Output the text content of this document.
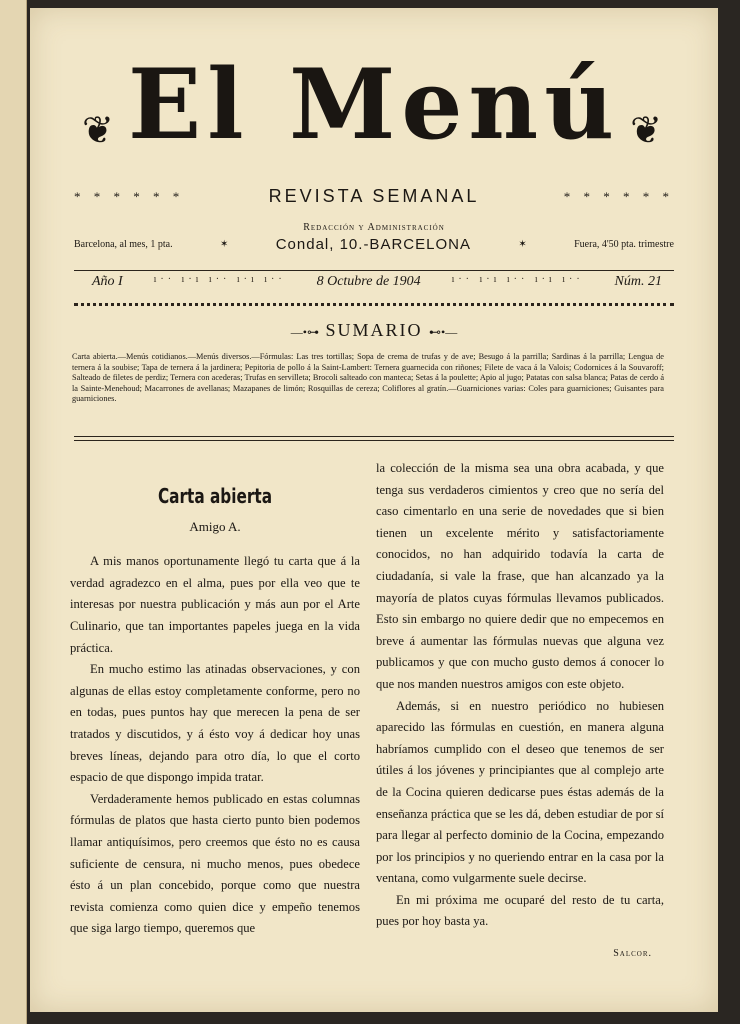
❦ El Menú ❦
* * * * * *	REVISTA SEMANAL	* * * * * *
Redacción y Administración
Barcelona, al mes, 1 pta.	✶	Condal, 10.-BARCELONA	✶	Fuera, 4'50 pta. trimestre
Año I	ı·· ı·ı ı·· ı·ı ı·· 8 Octubre de 1904	ı·· ı·ı ı·· ı·ı ı·· Núm. 21
—•⊶ SUMARIO ⊷•—
Carta abierta.—Menús cotidianos.—Menús diversos.—Fórmulas: Las tres tortillas; Sopa de crema de trufas y de ave; Besugo á la parrilla; Sardinas á la parrilla; Lengua de ternera á la soubise; Tapa de ternera á la jardinera; Pepitoria de pollo á la Saint-Lambert: Ternera guarnecida con riñones; Filete de vaca á la Valois; Codornices á la Souvaroff; Salteado de filetes de perdiz; Ternera con acederas; Trufas en servilleta; Brocoli salteado con manteca; Setas á la poulette; Apio al jugo; Patatas con salsa blanca; Patas de cerdo á la Sainte-Menehoud; Macarrones de avellanas; Mazapanes de limón; Rosquillas de cereza; Coliflores al gratín.—Guarniciones varias: Coles para guarniciones; Guisantes para guarniciones.
Carta abierta
Amigo A.

A mis manos oportunamente llegó tu carta que á la verdad agradezco en el alma, pues por ella veo que te interesas por nuestra publicación y más aun por el Arte Culinario, que tan importantes papeles juega en la vida práctica.

En mucho estimo las atinadas observaciones, y con algunas de ellas estoy completamente conforme, pero no en todas, pues puntos hay que merecen la pena de ser tratados y discutidos, y á ésto voy á dedicar hoy unas breves líneas, dejando para otro día, lo que el corto espacio de que dispongo impida tratar.

Verdaderamente hemos publicado en estas columnas fórmulas de platos que hasta cierto punto bien podemos llamar antiquísimos, pero creemos que ésto no es causa suficiente de censura, ni mucho menos, pues obedece ésto á un plan concebido, porque como que nuestra revista comienza como quien dice y empeño tenemos que siga largo tiempo, queremos que

la colección de la misma sea una obra acabada, y que tenga sus verdaderos cimientos y creo que no sería del caso cimentarlo en una serie de novedades que si bien tienen un excelente mérito y satisfactoriamente conocidos, no han adquirido todavía la carta de ciudadanía, si vale la frase, que han alcanzado ya la mayoría de platos cuyas fórmulas llevamos publicados. Esto sin embargo no quiere dedir que no empecemos en breve á aumentar las fórmulas nuevas que alguna vez publicamos y que con mucho gusto demos á conocer lo que nos manden nuestros amigos con este objeto.

Además, si en nuestro periódico no hubiesen aparecido las fórmulas en cuestión, en manera alguna habríamos cumplido con el deseo que tenemos de ser útiles á los jóvenes y principiantes que al complejo arte de la Cocina quieren dedicarse pues éstas además de la enseñanza práctica que se les dá, deben estudiar de por sí para llegar al perfecto dominio de la Cocina, empezando por los principios y no queriendo entrar en la casa por la ventana, como vulgarmente suele decirse.

En mi próxima me ocuparé del resto de tu carta, pues por hoy basta ya.

Salcor.
